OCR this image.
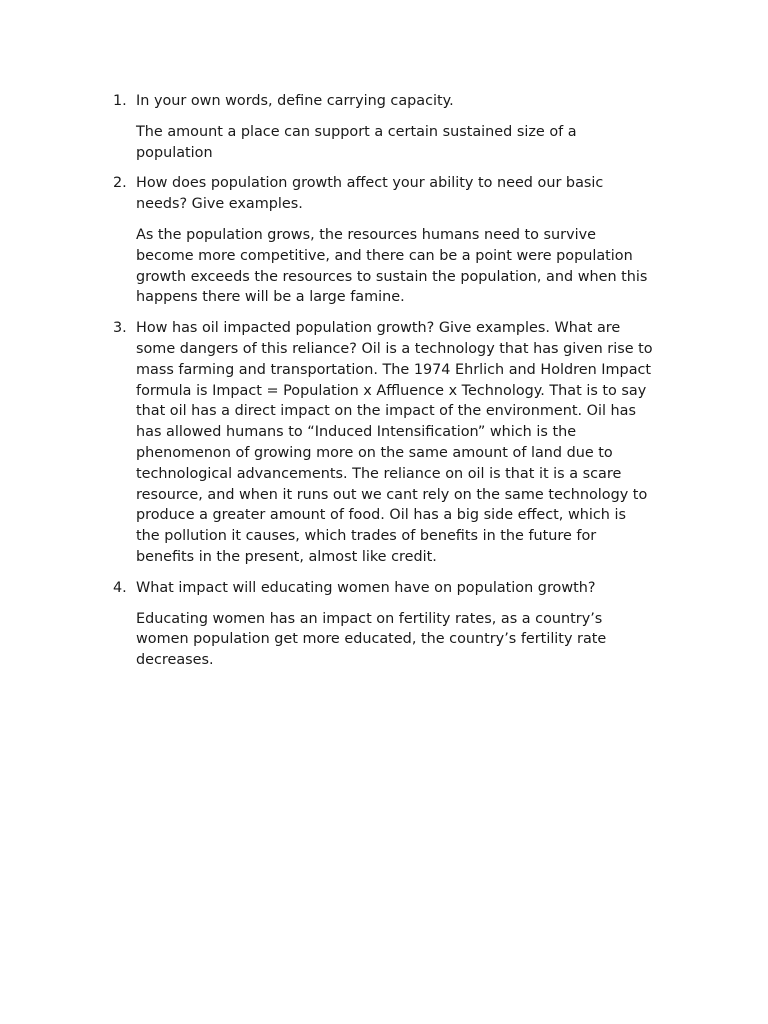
1. In your own words, define carrying capacity.

The amount a place can support a certain sustained size of a
population

2. How does population growth affect your ability to need our basic
needs? Give examples.

As the population grows, the resources humans need to survive
become more competitive, and there can be a point were population
growth exceeds the resources to sustain the population, and when this
happens there will be a large famine.

3. How has oil impacted population growth? Give examples. What are
some dangers of this reliance? Oil is a technology that has given rise to
mass farming and transportation. The 1974 Ehrlich and Holdren Impact
formula is Impact = Population x Affluence x Technology. That is to say
that oil has a direct impact on the impact of the environment. Oil has
has allowed humans to “Induced Intensification” which is the
phenomenon of growing more on the same amount of land due to
technological advancements. The reliance on oil is that it is a scare
resource, and when it runs out we cant rely on the same technology to
produce a greater amount of food. Oil has a big side effect, which is
the pollution it causes, which trades of benefits in the future for
benefits in the present, almost like credit.

4. What impact will educating women have on population growth?

Educating women has an impact on fertility rates, as a country’s
women population get more educated, the country’s fertility rate
decreases.
